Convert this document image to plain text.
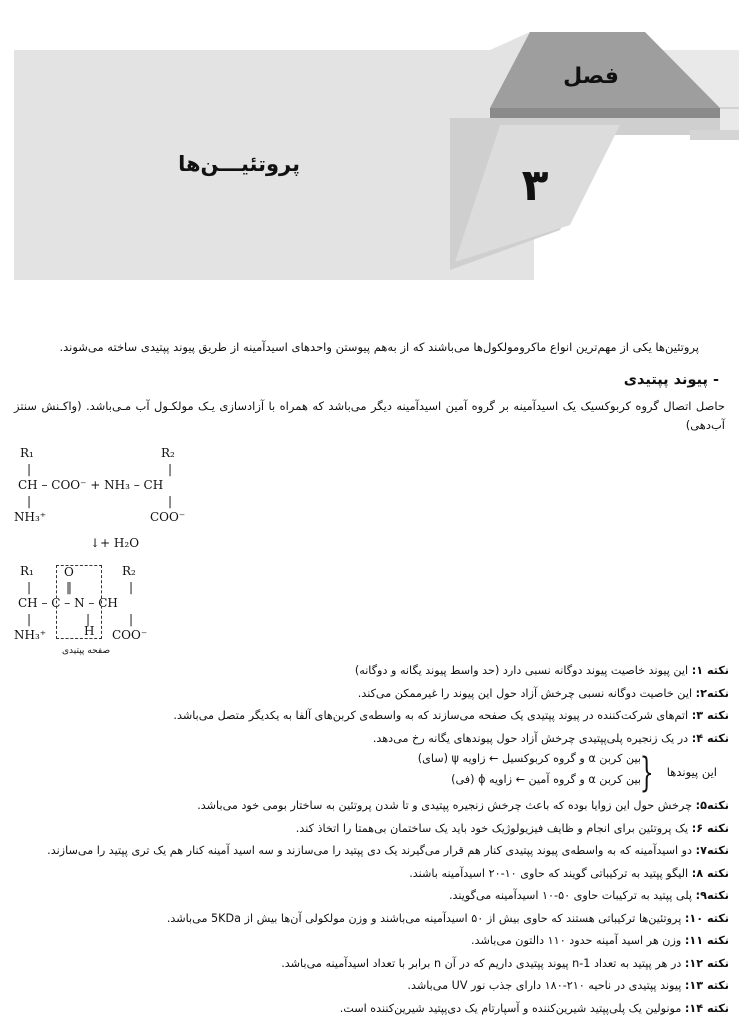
فصل
۳
پروتئیـــن‌ها
پروتئین‌ها یکی از مهم‌ترین انواع ماکرومولکول‌ها می‌باشند که از به‌هم پیوستن واحدهای اسیدآمینه از طریق پیوند پپتیدی ساخته می‌شوند.
- پیوند پپتیدی
حاصل اتصال گروه کربوکسیک یک اسیدآمینه بر گروه آمین اسیدآمینه دیگر می‌باشد که همراه با آزادسازی یـک مولکـول آب مـی‌باشد. (واکـنش سنتز آب‌دهی)
R₁	R₂
|	|
CH – COO⁻ + NH₃ – CH
|	|
NH₃⁺	COO⁻
↓+ H₂O
R₁	O	R₂
|	‖	|
CH – C – N – CH
|	|	|
NH₃⁺	H COO⁻
صفحه پپتیدی
نکته ۱: این پیوند خاصیت پیوند دوگانه نسبی دارد (حد واسط پیوند یگانه و دوگانه)
نکته۲: این خاصیت دوگانه نسبی چرخش آزاد حول این پیوند را غیرممکن می‌کند.
نکته ۳: اتم‌های شرکت‌کننده در پیوند پپتیدی یک صفحه می‌سازند که به واسطه‌ی کربن‌های آلفا به یکدیگر متصل می‌باشد.
نکته ۴: در یک زنجیره پلی‌پپتیدی چرخش آزاد حول پیوندهای یگانه رخ می‌دهد.
این پیوندها
{
بین کربن α و گروه کربوکسیل ← زاویه ψ (سای)
بین کربن α و گروه آمین ← زاویه ϕ (فی)
نکته۵: چرخش حول این زوایا بوده که باعث چرخش زنجیره پپتیدی و تا شدن پروتئین به ساختار بومی خود می‌باشد.
نکته ۶: یک پروتئین برای انجام و ظایف فیزیولوژیک خود باید یک ساختمان بی‌همتا را اتخاذ کند.
نکته۷: دو اسیدآمینه که به واسطه‌ی پیوند پپتیدی کنار هم قرار می‌گیرند یک دی پپتید را می‌سازند و سه اسید آمینه کنار هم یک تری پپتید را می‌سازند.
نکته ۸: الیگو پپتید به ترکیباتی گویند که حاوی ۱۰-۲۰ اسیدآمینه باشند.
نکته۹: پلی پپتید به ترکیبات حاوی ۵۰-۱۰ اسیدآمینه می‌گویند.
نکته ۱۰: پروتئین‌ها ترکیباتی هستند که حاوی بیش از ۵۰ اسیدآمینه می‌باشند و وزن مولکولی آن‌ها بیش از 5KDa می‌باشد.
نکته ۱۱: وزن هر اسید آمینه حدود ۱۱۰ دالتون می‌باشد.
نکته ۱۲: در هر پپتید به تعداد n-1 پیوند پپتیدی داریم که در آن n برابر با تعداد اسیدآمینه می‌باشد.
نکته ۱۳: پیوند پپتیدی در ناحیه ۲۱۰-۱۸۰ دارای جذب نور UV می‌باشد.
نکته ۱۴: مونولین یک پلی‌پپتید شیرین‌کننده و آسپارتام یک دی‌پپتید شیرین‌کننده است.
